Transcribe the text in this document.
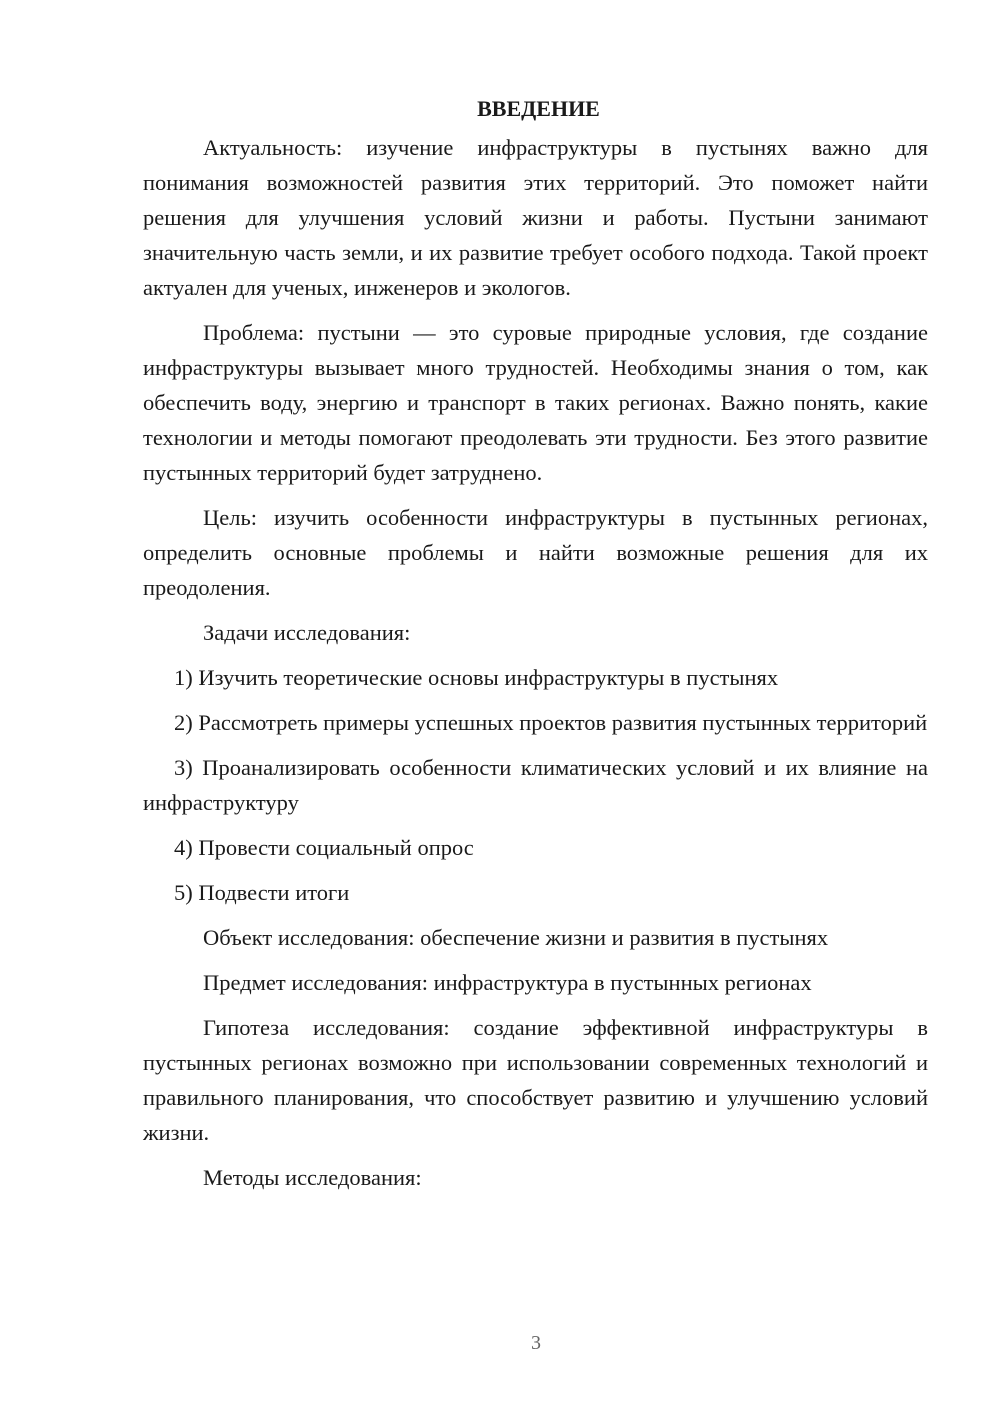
ВВЕДЕНИЕ

Актуальность: изучение инфраструктуры в пустынях важно для понимания возможностей развития этих территорий. Это поможет найти решения для улучшения условий жизни и работы. Пустыни занимают значительную часть земли, и их развитие требует особого подхода. Такой проект актуален для ученых, инженеров и экологов.

Проблема: пустыни — это суровые природные условия, где создание инфраструктуры вызывает много трудностей. Необходимы знания о том, как обеспечить воду, энергию и транспорт в таких регионах. Важно понять, какие технологии и методы помогают преодолевать эти трудности. Без этого развитие пустынных территорий будет затруднено.

Цель: изучить особенности инфраструктуры в пустынных регионах, определить основные проблемы и найти возможные решения для их преодоления.

Задачи исследования:

1) Изучить теоретические основы инфраструктуры в пустынях

2) Рассмотреть примеры успешных проектов развития пустынных территорий

3) Проанализировать особенности климатических условий и их влияние на инфраструктуру

4) Провести социальный опрос

5) Подвести итоги

Объект исследования: обеспечение жизни и развития в пустынях

Предмет исследования: инфраструктура в пустынных регионах

Гипотеза исследования: создание эффективной инфраструктуры в пустынных регионах возможно при использовании современных технологий и правильного планирования, что способствует развитию и улучшению условий жизни.

Методы исследования:

3
